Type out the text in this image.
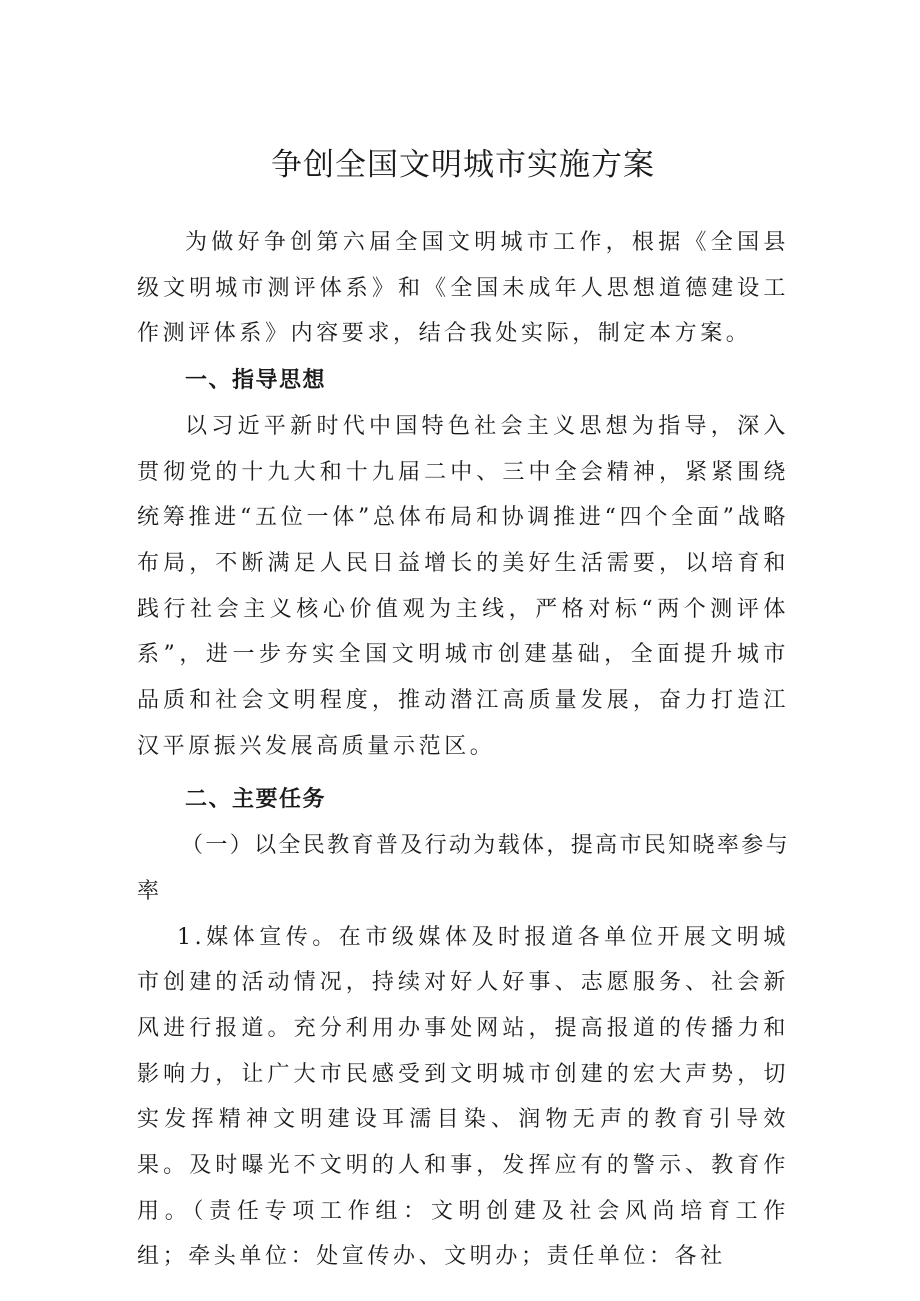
争创全国文明城市实施方案

为做好争创第六届全国文明城市工作，根据《全国县级文明城市测评体系》和《全国未成年人思想道德建设工作测评体系》内容要求，结合我处实际，制定本方案。

一、指导思想

以习近平新时代中国特色社会主义思想为指导，深入贯彻党的十九大和十九届二中、三中全会精神，紧紧围绕统筹推进“五位一体”总体布局和协调推进“四个全面”战略布局，不断满足人民日益增长的美好生活需要，以培育和践行社会主义核心价值观为主线，严格对标“两个测评体系”，进一步夯实全国文明城市创建基础，全面提升城市品质和社会文明程度，推动潜江高质量发展，奋力打造江汉平原振兴发展高质量示范区。

二、主要任务

（一）以全民教育普及行动为载体，提高市民知晓率参与率

1.媒体宣传。在市级媒体及时报道各单位开展文明城市创建的活动情况，持续对好人好事、志愿服务、社会新风进行报道。充分利用办事处网站，提高报道的传播力和影响力，让广大市民感受到文明城市创建的宏大声势，切实发挥精神文明建设耳濡目染、润物无声的教育引导效果。及时曝光不文明的人和事，发挥应有的警示、教育作用。（责任专项工作组：文明创建及社会风尚培育工作组；牵头单位：处宣传办、文明办；责任单位：各社
